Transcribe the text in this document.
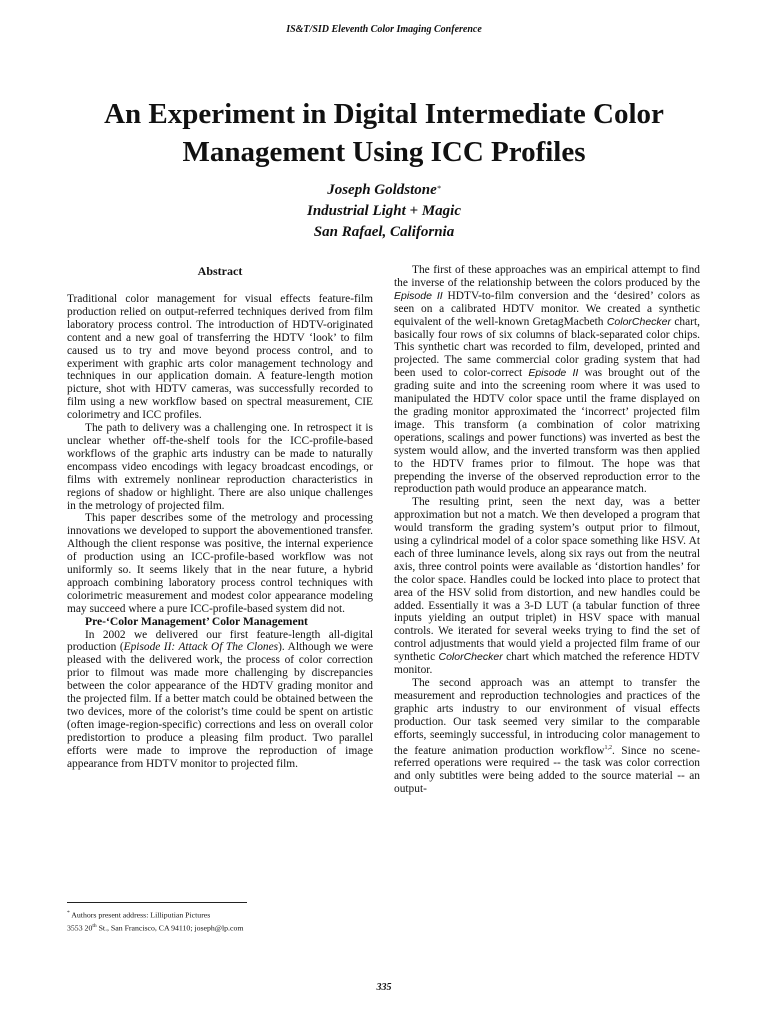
IS&T/SID Eleventh Color Imaging Conference
An Experiment in Digital Intermediate Color Management Using ICC Profiles
Joseph Goldstone*
Industrial Light + Magic
San Rafael, California
Abstract

Traditional color management for visual effects feature-film production relied on output-referred techniques derived from film laboratory process control. The introduction of HDTV-originated content and a new goal of transferring the HDTV ‘look’ to film caused us to try and move beyond process control, and to experiment with graphic arts color management technology and techniques in our application domain. A feature-length motion picture, shot with HDTV cameras, was successfully recorded to film using a new workflow based on spectral measurement, CIE colorimetry and ICC profiles.

The path to delivery was a challenging one. In retrospect it is unclear whether off-the-shelf tools for the ICC-profile-based workflows of the graphic arts industry can be made to naturally encompass video encodings with legacy broadcast encodings, or films with extremely nonlinear reproduction characteristics in regions of shadow or highlight. There are also unique challenges in the metrology of projected film.

This paper describes some of the metrology and processing innovations we developed to support the abovementioned transfer. Although the client response was positive, the internal experience of production using an ICC-profile-based workflow was not uniformly so. It seems likely that in the near future, a hybrid approach combining laboratory process control techniques with colorimetric measurement and modest color appearance modeling may succeed where a pure ICC-profile-based system did not.

Pre-‘Color Management’ Color Management

In 2002 we delivered our first feature-length all-digital production (Episode II: Attack Of The Clones). Although we were pleased with the delivered work, the process of color correction prior to filmout was made more challenging by discrepancies between the color appearance of the HDTV grading monitor and the projected film. If a better match could be obtained between the two devices, more of the colorist’s time could be spent on artistic (often image-region-specific) corrections and less on overall color predistortion to produce a pleasing film product. Two parallel efforts were made to improve the reproduction of image appearance from HDTV monitor to projected film.

The first of these approaches was an empirical attempt to find the inverse of the relationship between the colors produced by the Episode II HDTV-to-film conversion and the ‘desired’ colors as seen on a calibrated HDTV monitor. We created a synthetic equivalent of the well-known GretagMacbeth ColorChecker chart, basically four rows of six columns of black-separated color chips. This synthetic chart was recorded to film, developed, printed and projected. The same commercial color grading system that had been used to color-correct Episode II was brought out of the grading suite and into the screening room where it was used to manipulated the HDTV color space until the frame displayed on the grading monitor approximated the ‘incorrect’ projected film image. This transform (a combination of color matrixing operations, scalings and power functions) was inverted as best the system would allow, and the inverted transform was then applied to the HDTV frames prior to filmout. The hope was that prepending the inverse of the observed reproduction error to the reproduction path would produce an appearance match.

The resulting print, seen the next day, was a better approximation but not a match. We then developed a program that would transform the grading system’s output prior to filmout, using a cylindrical model of a color space something like HSV. At each of three luminance levels, along six rays out from the neutral axis, three control points were available as ‘distortion handles’ for the color space. Handles could be locked into place to protect that area of the HSV solid from distortion, and new handles could be added. Essentially it was a 3-D LUT (a tabular function of three inputs yielding an output triplet) in HSV space with manual controls. We iterated for several weeks trying to find the set of control adjustments that would yield a projected film frame of our synthetic ColorChecker chart which matched the reference HDTV monitor.

The second approach was an attempt to transfer the measurement and reproduction technologies and practices of the graphic arts industry to our environment of visual effects production. Our task seemed very similar to the comparable efforts, seemingly successful, in introducing color management to the feature animation production workflow$^{1,2}$. Since no scene-referred operations were required -- the task was color correction and only subtitles were being added to the source material -- an output-

* Authors present address: Lilliputian Pictures
3553 20th St., San Francisco, CA 94110; joseph@lp.com
335
